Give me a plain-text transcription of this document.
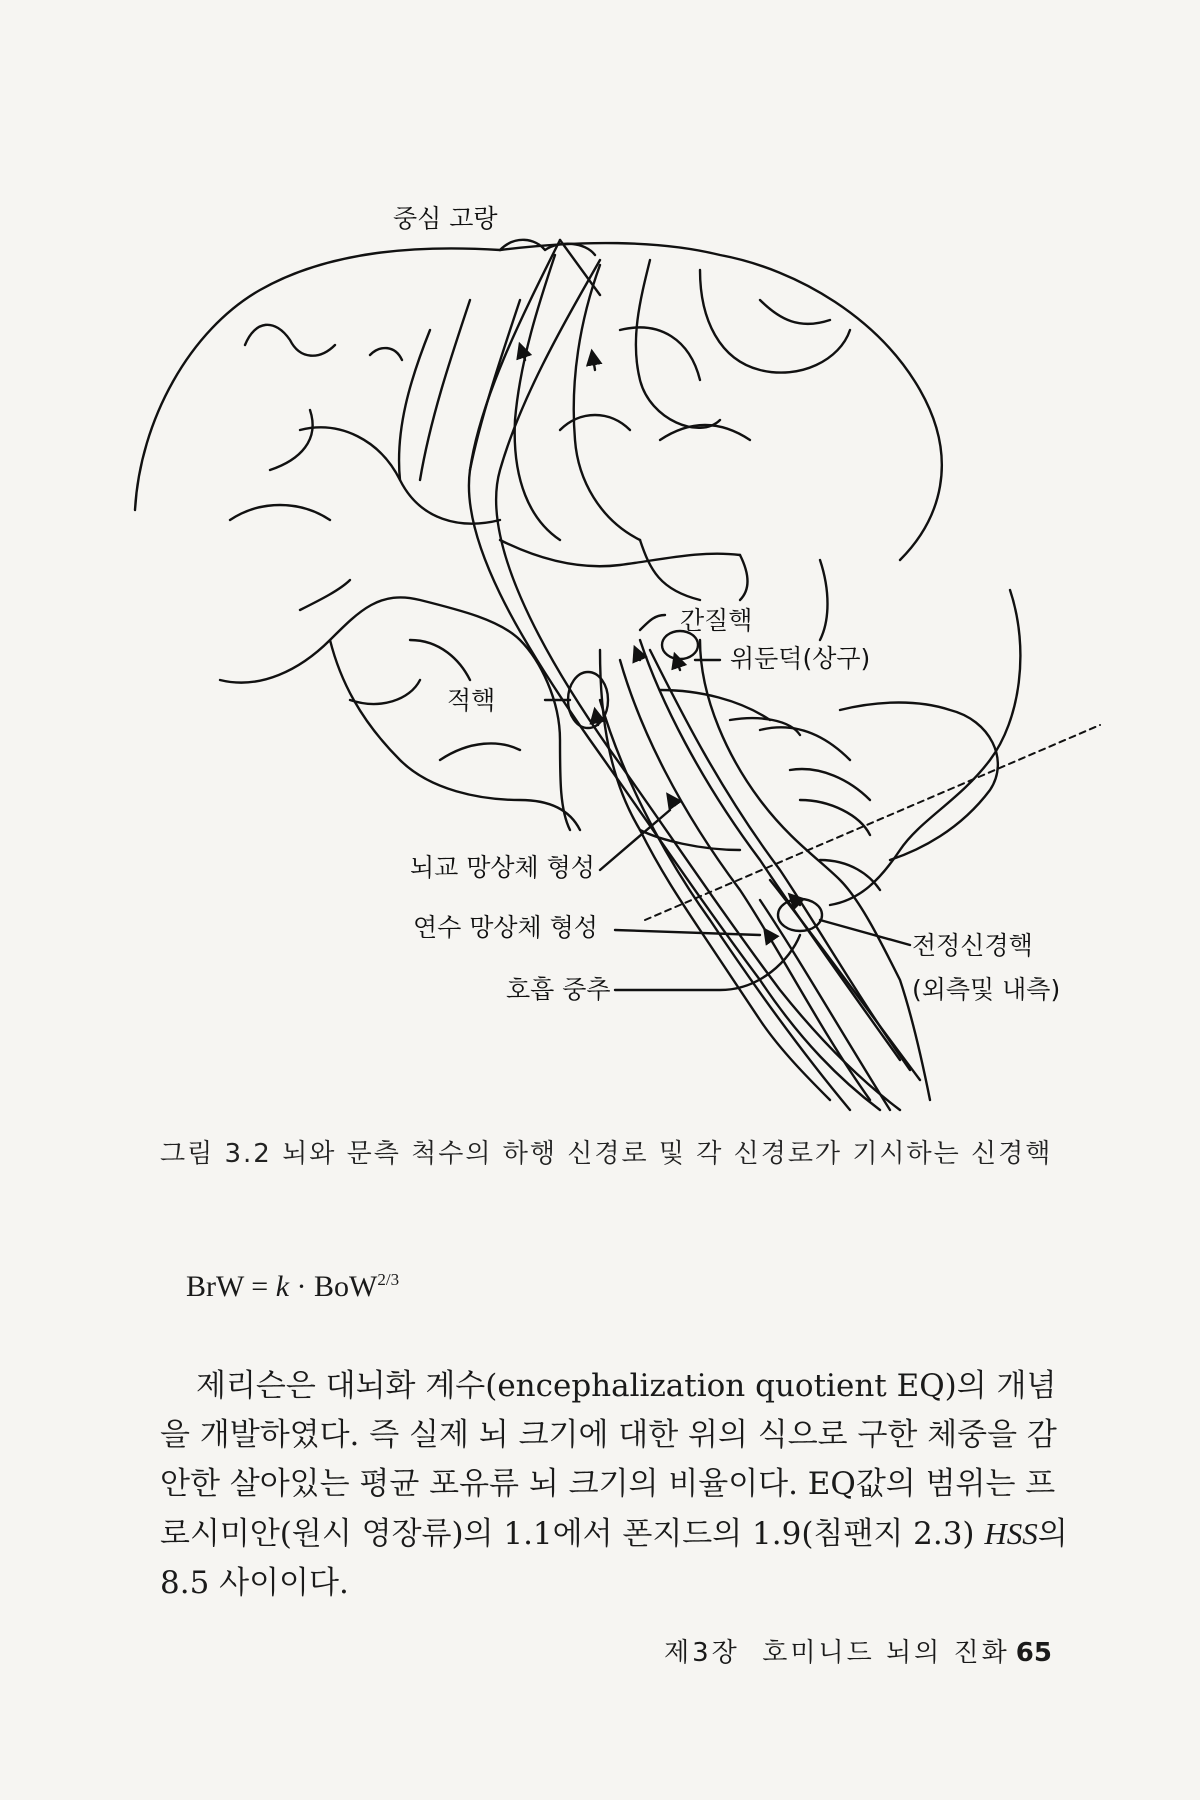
중심 고랑
간질핵
위둔덕(상구)
적핵
뇌교 망상체 형성
연수 망상체 형성
호흡 중추
전정신경핵
(외측및 내측)
그림 3.2 뇌와 문측 척수의 하행 신경로 및 각 신경로가 기시하는 신경핵
BrW = k · BoW$^{2/3}$

제리슨은 대뇌화 계수(encephalization quotient EQ)의 개념을 개발하였다. 즉 실제 뇌 크기에 대한 위의 식으로 구한 체중을 감안한 살아있는 평균 포유류 뇌 크기의 비율이다. EQ값의 범위는 프로시미안(원시 영장류)의 1.1에서 폰지드의 1.9(침팬지 2.3) HSS의 8.5 사이이다.

제3장  호미니드 뇌의 진화 65
